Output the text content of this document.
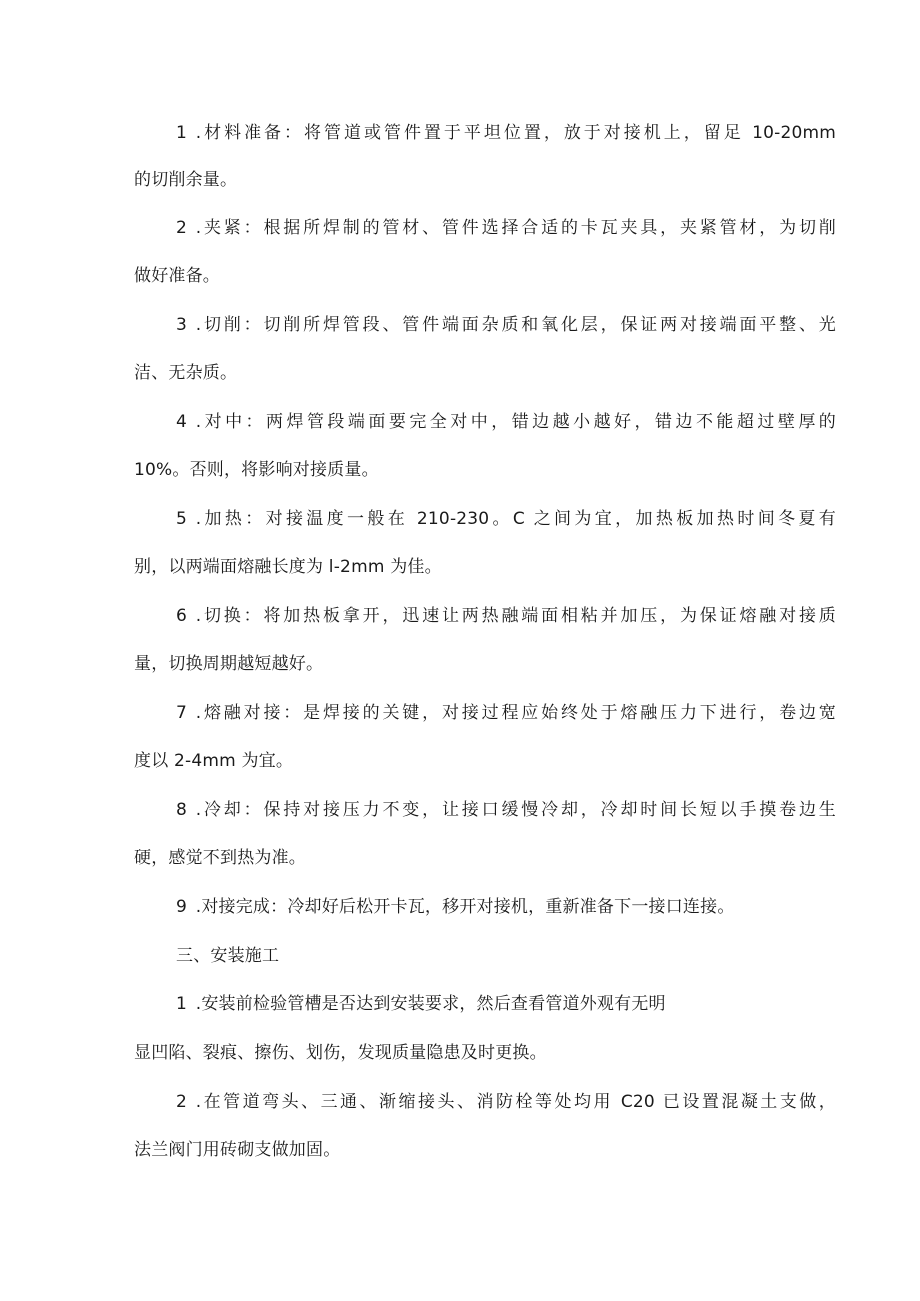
1 .材料准备：将管道或管件置于平坦位置，放于对接机上，留足 10-20mm
的切削余量。
2 .夹紧：根据所焊制的管材、管件选择合适的卡瓦夹具，夹紧管材，为切削
做好准备。
3 .切削：切削所焊管段、管件端面杂质和氧化层，保证两对接端面平整、光
洁、无杂质。
4 .对中：两焊管段端面要完全对中，错边越小越好，错边不能超过壁厚的
10%。否则，将影响对接质量。
5 .加热：对接温度一般在 210-230。C 之间为宜，加热板加热时间冬夏有
别，以两端面熔融长度为 l-2mm 为佳。
6 .切换：将加热板拿开，迅速让两热融端面相粘并加压，为保证熔融对接质
量，切换周期越短越好。
7 .熔融对接：是焊接的关键，对接过程应始终处于熔融压力下进行，卷边宽
度以 2-4mm 为宜。
8 .冷却：保持对接压力不变，让接口缓慢冷却，冷却时间长短以手摸卷边生
硬，感觉不到热为准。
9 .对接完成：冷却好后松开卡瓦，移开对接机，重新准备下一接口连接。
三、安装施工
1 .安装前检验管槽是否达到安装要求，然后查看管道外观有无明
显凹陷、裂痕、擦伤、划伤，发现质量隐患及时更换。
2 .在管道弯头、三通、渐缩接头、消防栓等处均用 C20 已设置混凝土支做，
法兰阀门用砖砌支做加固。
